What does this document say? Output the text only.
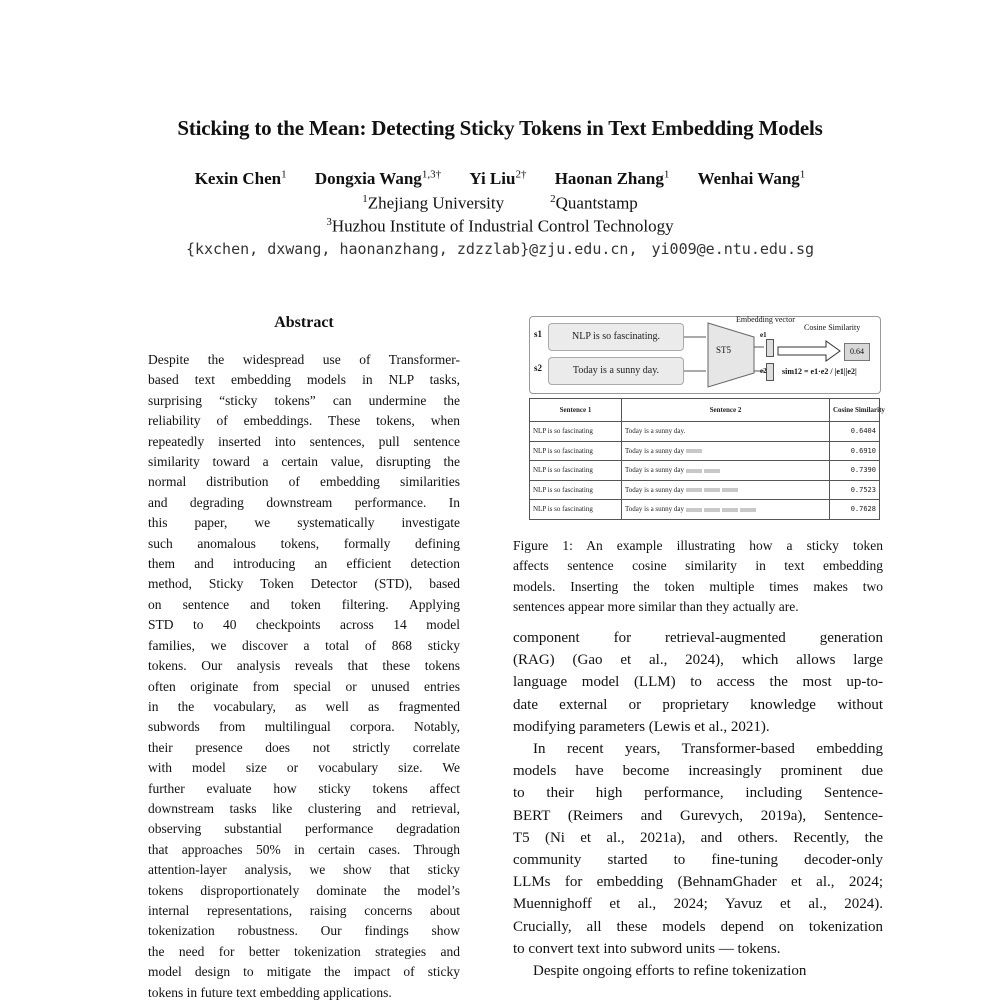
Sticking to the Mean: Detecting Sticky Tokens in Text Embedding Models
Kexin Chen$^1$ Dongxia Wang$^{1,3\dagger}$ Yi Liu$^{2\dagger}$ Haonan Zhang$^1$ Wenhai Wang$^1$
$^1$Zhejiang University	$^2$Quantstamp
$^3$Huzhou Institute of Industrial Control Technology
{kxchen, dxwang, haonanzhang, zdzzlab}@zju.edu.cn, yi009@e.ntu.edu.sg
Abstract

Despite the widespread use of Transformer-
based text embedding models in NLP tasks,
surprising “sticky tokens” can undermine the
reliability of embeddings. These tokens, when
repeatedly inserted into sentences, pull sentence
similarity toward a certain value, disrupting the
normal distribution of embedding similarities
and degrading downstream performance. In
this paper, we systematically investigate
such anomalous tokens, formally defining
them and introducing an efficient detection
method, Sticky Token Detector (STD), based
on sentence and token filtering. Applying
STD to 40 checkpoints across 14 model
families, we discover a total of 868 sticky
tokens. Our analysis reveals that these tokens
often originate from special or unused entries
in the vocabulary, as well as fragmented
subwords from multilingual corpora. Notably,
their presence does not strictly correlate
with model size or vocabulary size. We
further evaluate how sticky tokens affect
downstream tasks like clustering and retrieval,
observing substantial performance degradation
that approaches 50% in certain cases. Through
attention-layer analysis, we show that sticky
tokens disproportionately dominate the model’s
internal representations, raising concerns about
tokenization robustness. Our findings show
the need for better tokenization strategies and
model design to mitigate the impact of sticky
tokens in future text embedding applications.

s1
s2
NLP is so fascinating.
Today is a sunny day.
ST5
Embedding vector
Cosine Similarity
0.64
e1
e2 sim12 = e1·e2 / |e1||e2|
Sentence 1	Sentence 2	Cosine Similarity
NLP is so fascinating	Today is a sunny day.	0.6404
NLP is so fascinating	Today is a sunny day	0.6910
NLP is so fascinating	Today is a sunny day	0.7390
NLP is so fascinating	Today is a sunny day	0.7523
NLP is so fascinating	Today is a sunny day	0.7628

Figure 1: An example illustrating how a sticky token
affects sentence cosine similarity in text embedding
models. Inserting the token multiple times makes two
sentences appear more similar than they actually are.

component for retrieval-augmented generation
(RAG) (Gao et al., 2024), which allows large
language model (LLM) to access the most up-to-
date external or proprietary knowledge without
modifying parameters (Lewis et al., 2021).
In recent years, Transformer-based embedding
models have become increasingly prominent due
to their high performance, including Sentence-
BERT (Reimers and Gurevych, 2019a), Sentence-
T5 (Ni et al., 2021a), and others. Recently, the
community started to fine-tuning decoder-only
LLMs for embedding (BehnamGhader et al., 2024;
Muennighoff et al., 2024; Yavuz et al., 2024).
Crucially, all these models depend on tokenization
to convert text into subword units — tokens.
Despite ongoing efforts to refine tokenization
